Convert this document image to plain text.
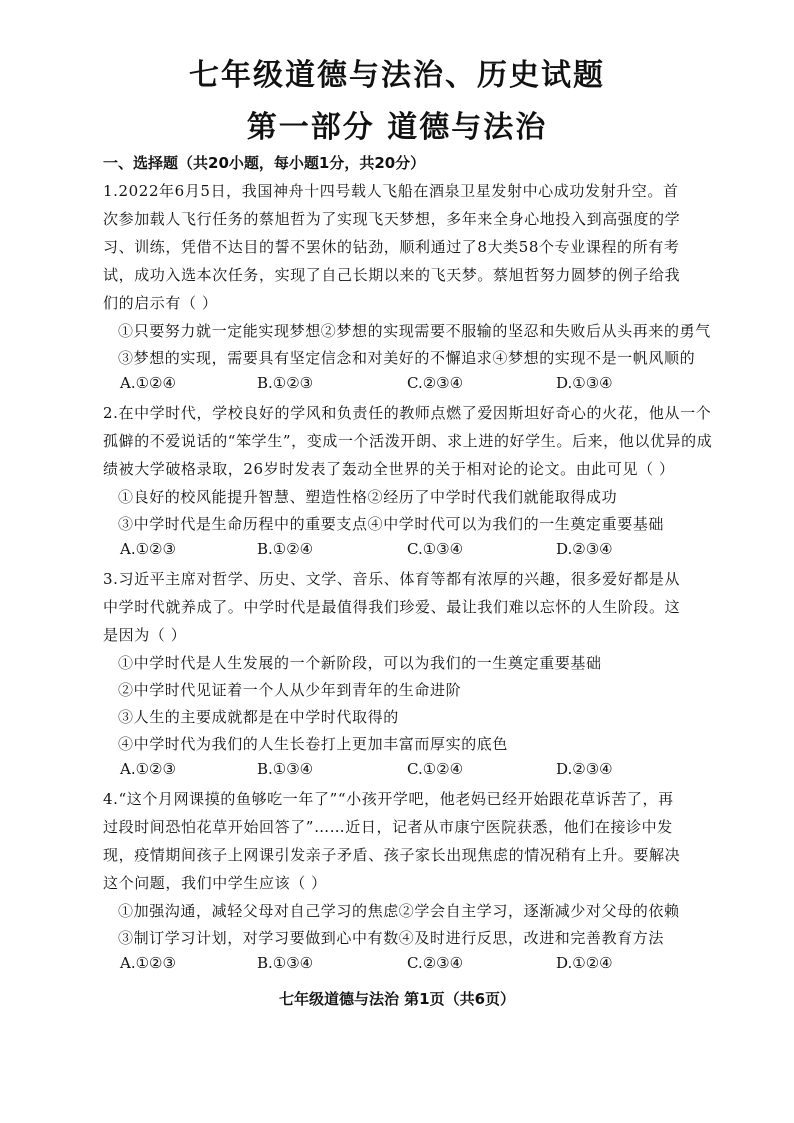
七年级道德与法治、历史试题
第一部分 道德与法治
一、选择题（共20小题，每小题1分，共20分）
1.2022年6月5日，我国神舟十四号载人飞船在酒泉卫星发射中心成功发射升空。首
次参加载人飞行任务的蔡旭哲为了实现飞天梦想，多年来全身心地投入到高强度的学
习、训练，凭借不达目的誓不罢休的钻劲，顺利通过了8大类58个专业课程的所有考
试，成功入选本次任务，实现了自己长期以来的飞天梦。蔡旭哲努力圆梦的例子给我
们的启示有（ ）
①只要努力就一定能实现梦想②梦想的实现需要不服输的坚忍和失败后从头再来的勇气
③梦想的实现，需要具有坚定信念和对美好的不懈追求④梦想的实现不是一帆风顺的
A.①②④	B.①②③	C.②③④	D.①③④
2.在中学时代，学校良好的学风和负责任的教师点燃了爱因斯坦好奇心的火花，他从一个
孤僻的不爱说话的“笨学生”，变成一个活泼开朗、求上进的好学生。后来，他以优异的成
绩被大学破格录取，26岁时发表了轰动全世界的关于相对论的论文。由此可见（ ）
①良好的校风能提升智慧、塑造性格②经历了中学时代我们就能取得成功
③中学时代是生命历程中的重要支点④中学时代可以为我们的一生奠定重要基础
A.①②③	B.①②④	C.①③④	D.②③④
3.习近平主席对哲学、历史、文学、音乐、体育等都有浓厚的兴趣，很多爱好都是从
中学时代就养成了。中学时代是最值得我们珍爱、最让我们难以忘怀的人生阶段。这
是因为（ ）
①中学时代是人生发展的一个新阶段，可以为我们的一生奠定重要基础
②中学时代见证着一个人从少年到青年的生命进阶
③人生的主要成就都是在中学时代取得的
④中学时代为我们的人生长卷打上更加丰富而厚实的底色
A.①②③	B.①③④	C.①②④	D.②③④
4.“这个月网课摸的鱼够吃一年了”“小孩开学吧，他老妈已经开始跟花草诉苦了，再
过段时间恐怕花草开始回答了”……近日，记者从市康宁医院获悉，他们在接诊中发
现，疫情期间孩子上网课引发亲子矛盾、孩子家长出现焦虑的情况稍有上升。要解决
这个问题，我们中学生应该（ ）
①加强沟通，减轻父母对自己学习的焦虑②学会自主学习，逐渐减少对父母的依赖
③制订学习计划，对学习要做到心中有数④及时进行反思，改进和完善教育方法
A.①②③	B.①③④	C.②③④	D.①②④
七年级道德与法治 第1页（共6页）
